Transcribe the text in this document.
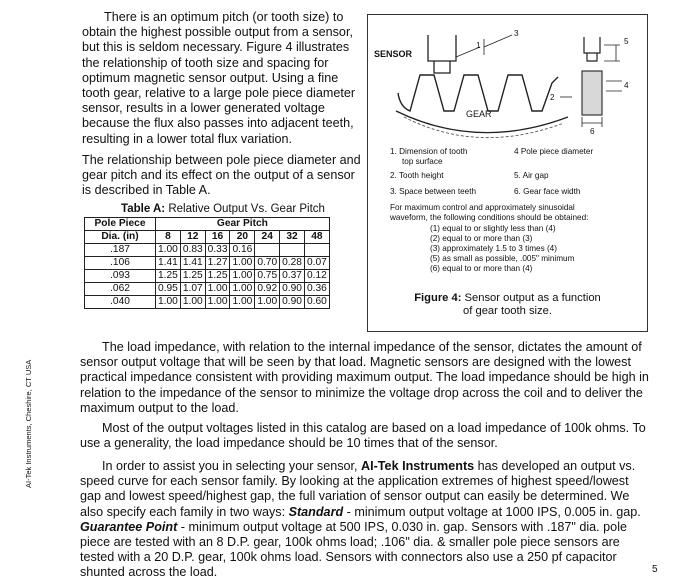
There is an optimum pitch (or tooth size) to obtain the highest possible output from a sensor, but this is seldom necessary. Figure 4 illustrates the relationship of tooth size and spacing for optimum magnetic sensor output. Using a fine tooth gear, relative to a large pole piece diameter sensor, results in a lower generated voltage because the flux also passes into adjacent teeth, resulting in a lower total flux variation.

The relationship between pole piece diameter and gear pitch and its effect on the output of a sensor is described in Table A.

Table A: Relative Output Vs. Gear Pitch
Pole Piece	Gear Pitch						
Dia. (in)	8	12	16	20	24	32	48
.187	1.00	0.83	0.33	0.16			
.106	1.41	1.41	1.27	1.00	0.70	0.28	0.07
.093	1.25	1.25	1.25	1.00	0.75	0.37	0.12
.062	0.95	1.07	1.00	1.00	0.92	0.90	0.36
.040	1.00	1.00	1.00	1.00	1.00	0.90	0.60
SENSOR
GEAR
1
2
3
4
5
6
1. Dimension of tooth
top surface
2. Tooth height
3. Space between teeth
4 Pole piece diameter
5. Air gap
6. Gear face width
For maximum control and approximately sinusoidal
waveform, the following conditions should be obtained:
(1) equal to or slightly less than (4)
(2) equal to or more than (3)
(3) approximately 1.5 to 3 times (4)
(5) as small as possible, .005" minimum
(6) equal to or more than (4)
Figure 4: Sensor output as a function
of gear tooth size.
AI-Tek Instruments, Cheshire, CT USA

The load impedance, with relation to the internal impedance of the sensor, dictates the amount of sensor output voltage that will be seen by that load. Magnetic sensors are designed with the lowest practical impedance consistent with providing maximum output. The load impedance should be high in relation to the impedance of the sensor to minimize the voltage drop across the coil and to deliver the maximum output to the load.

Most of the output voltages listed in this catalog are based on a load impedance of 100k ohms. To use a generality, the load impedance should be 10 times that of the sensor.

In order to assist you in selecting your sensor, AI-Tek Instruments has developed an output vs. speed curve for each sensor family. By looking at the application extremes of highest speed/lowest gap and lowest speed/highest gap, the full variation of sensor output can easily be determined. We also specify each family in two ways: Standard - minimum output voltage at 1000 IPS, 0.005 in. gap. Guarantee Point - minimum output voltage at 500 IPS, 0.030 in. gap. Sensors with .187" dia. pole piece are tested with an 8 D.P. gear, 100k ohms load; .106" dia. & smaller pole piece sensors are tested with a 20 D.P. gear, 100k ohms load. Sensors with connectors also use a 250 pf capacitor shunted across the load.	5
